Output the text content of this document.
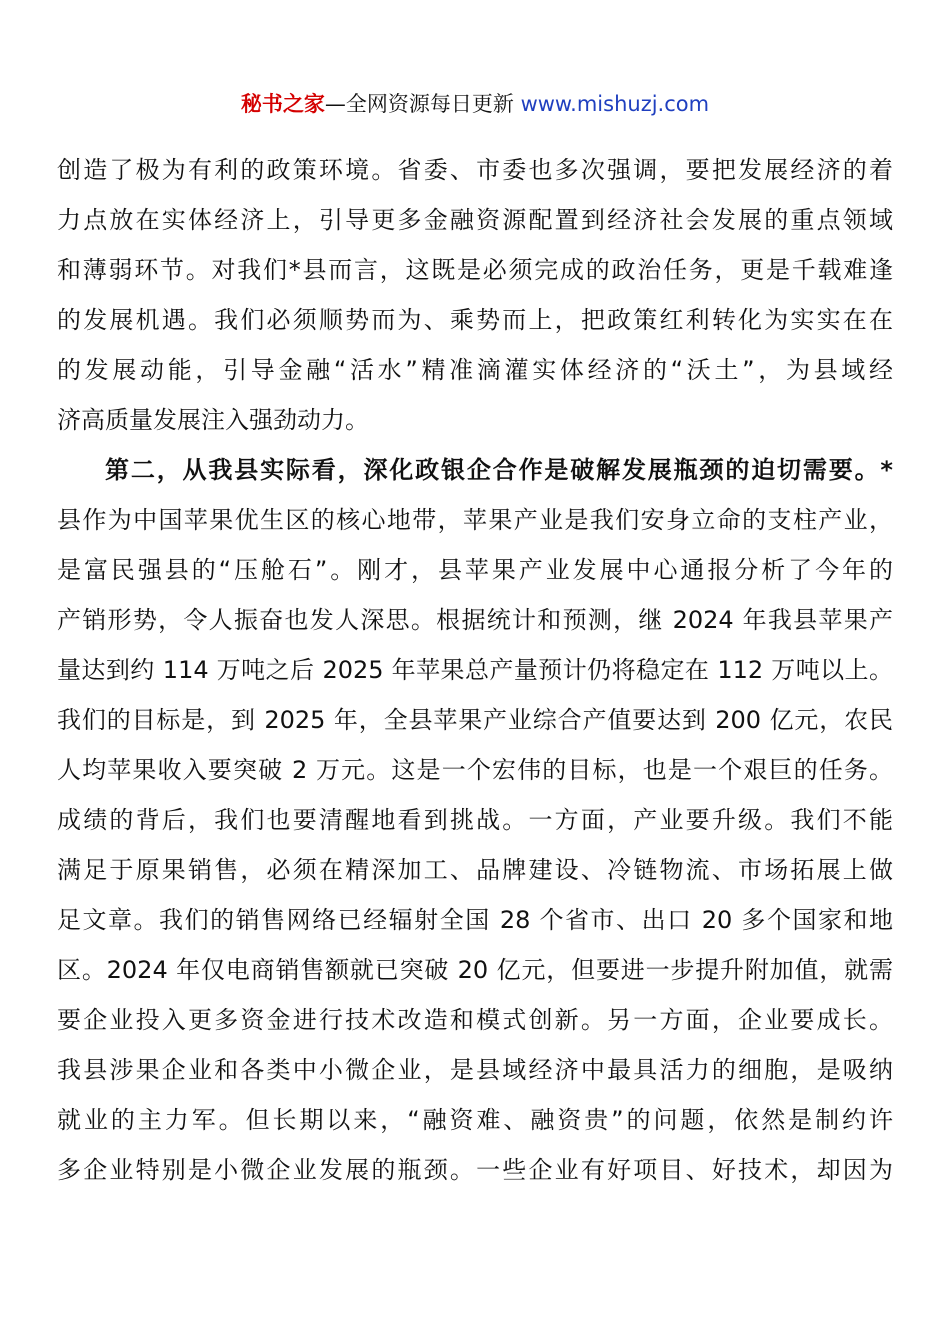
秘书之家—全网资源每日更新 www.mishuzj.com
创造了极为有利的政策环境。省委、市委也多次强调，要把发展经济的着
力点放在实体经济上，引导更多金融资源配置到经济社会发展的重点领域
和薄弱环节。对我们*县而言，这既是必须完成的政治任务，更是千载难逢
的发展机遇。我们必须顺势而为、乘势而上，把政策红利转化为实实在在
的发展动能，引导金融“活水”精准滴灌实体经济的“沃土”，为县域经
济高质量发展注入强劲动力。
第二，从我县实际看，深化政银企合作是破解发展瓶颈的迫切需要。*
县作为中国苹果优生区的核心地带，苹果产业是我们安身立命的支柱产业，
是富民强县的“压舱石”。刚才，县苹果产业发展中心通报分析了今年的
产销形势，令人振奋也发人深思。根据统计和预测，继 2024 年我县苹果产
量达到约 114 万吨之后 2025 年苹果总产量预计仍将稳定在 112 万吨以上。
我们的目标是，到 2025 年，全县苹果产业综合产值要达到 200 亿元，农民
人均苹果收入要突破 2 万元。这是一个宏伟的目标，也是一个艰巨的任务。
成绩的背后，我们也要清醒地看到挑战。一方面，产业要升级。我们不能
满足于原果销售，必须在精深加工、品牌建设、冷链物流、市场拓展上做
足文章。我们的销售网络已经辐射全国 28 个省市、出口 20 多个国家和地
区。2024 年仅电商销售额就已突破 20 亿元，但要进一步提升附加值，就需
要企业投入更多资金进行技术改造和模式创新。另一方面，企业要成长。
我县涉果企业和各类中小微企业，是县域经济中最具活力的细胞，是吸纳
就业的主力军。但长期以来，“融资难、融资贵”的问题，依然是制约许
多企业特别是小微企业发展的瓶颈。一些企业有好项目、好技术，却因为
